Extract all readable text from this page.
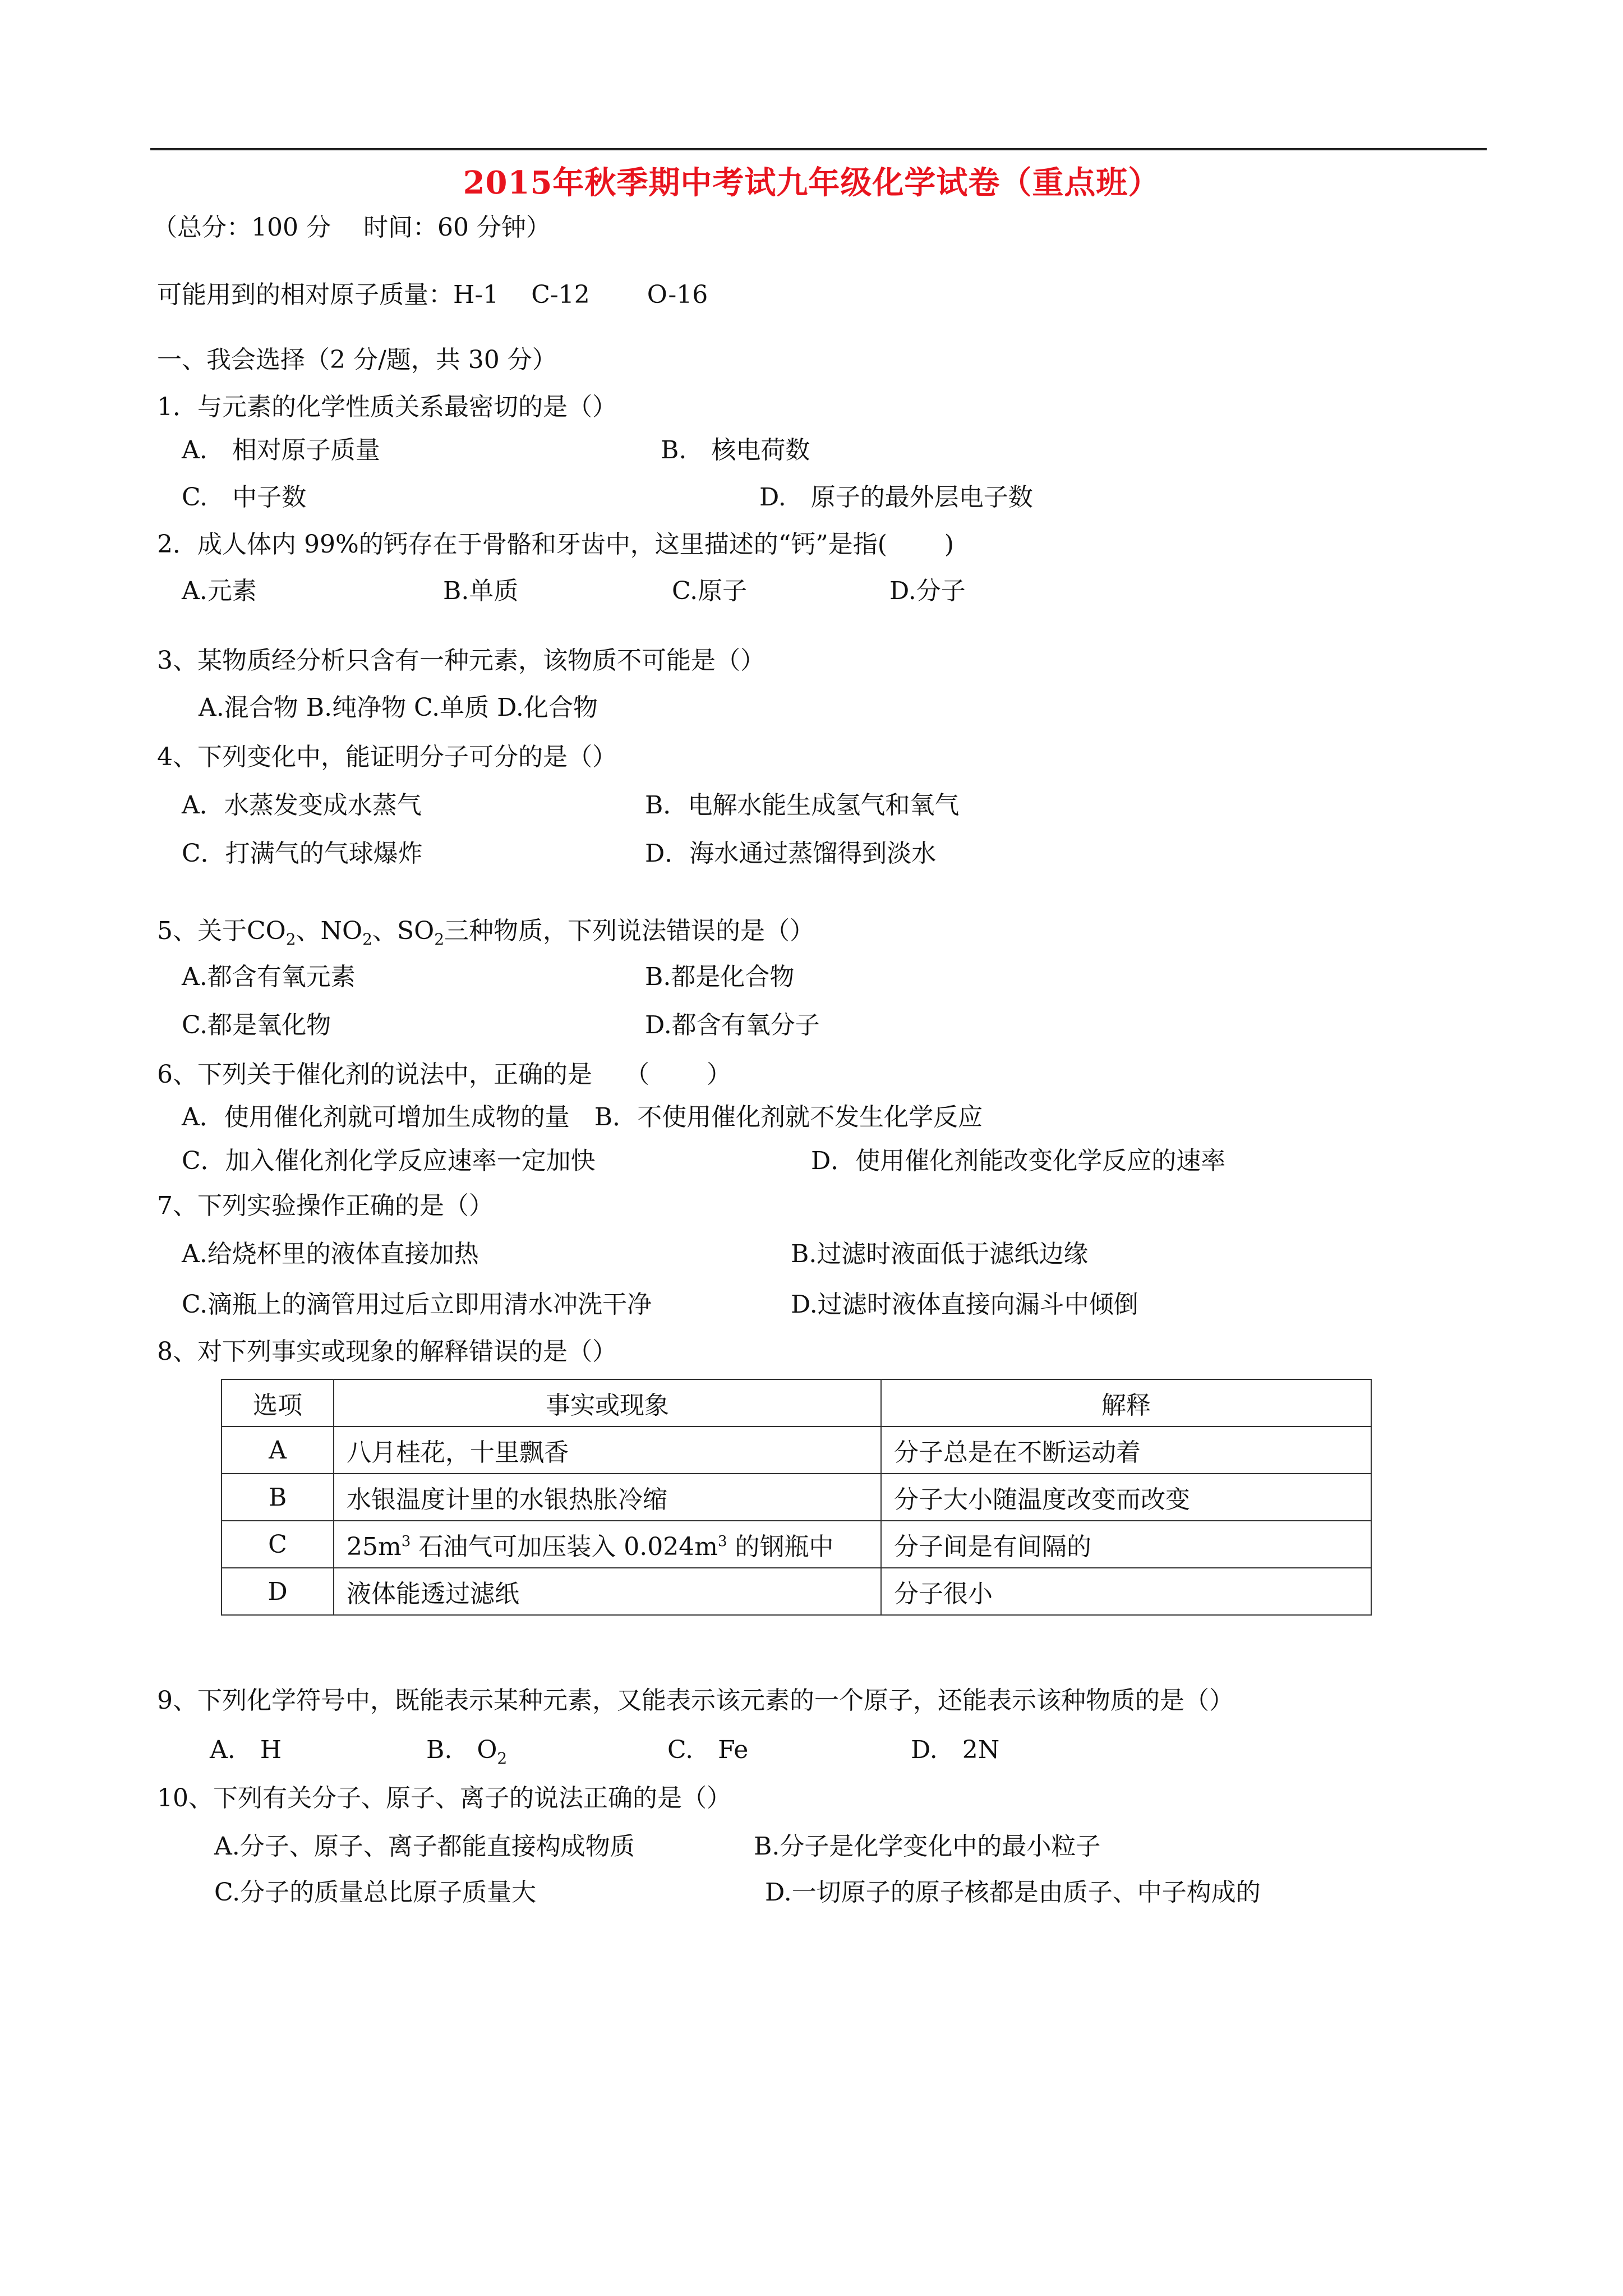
2015年秋季期中考试九年级化学试卷（重点班）
（总分：100 分　 时间：60 分钟）
可能用到的相对原子质量：H-1　 C-12　　 O-16
一、我会选择（2 分/题，共 30 分）
1．与元素的化学性质关系最密切的是（）
A.　相对原子质量	B.　核电荷数
C.　中子数	D.　原子的最外层电子数
2．成人体内 99%的钙存在于骨骼和牙齿中，这里描述的“钙”是指(　　 )
A.元素	B.单质	C.原子	D.分子
3、某物质经分析只含有一种元素，该物质不可能是（）
A.混合物 B.纯净物 C.单质 D.化合物
4、下列变化中，能证明分子可分的是（）
A．水蒸发变成水蒸气	B．电解水能生成氢气和氧气
C．打满气的气球爆炸	D．海水通过蒸馏得到淡水
5、关于$CO_2$、$NO_2$、$SO_2$三种物质，下列说法错误的是（）
A.都含有氧元素	B.都是化合物
C.都是氧化物	D.都含有氧分子
6、下列关于催化剂的说法中，正确的是　 （　　 ）
A．使用催化剂就可增加生成物的量　B．不使用催化剂就不发生化学反应
C．加入催化剂化学反应速率一定加快	D．使用催化剂能改变化学反应的速率
7、下列实验操作正确的是（）
A.给烧杯里的液体直接加热	B.过滤时液面低于滤纸边缘
C.滴瓶上的滴管用过后立即用清水冲洗干净	D.过滤时液体直接向漏斗中倾倒
8、对下列事实或现象的解释错误的是（）
选项	事实或现象	解释
A	八月桂花，十里飘香	分子总是在不断运动着
B	水银温度计里的水银热胀冷缩	分子大小随温度改变而改变
C	$25m^3$ 石油气可加压装入 $0.024m^3$ 的钢瓶中	分子间是有间隔的
D	液体能透过滤纸	分子很小
9、下列化学符号中，既能表示某种元素，又能表示该元素的一个原子，还能表示该种物质的是（）
A.　H	B.　$O_2$	C.　Fe	D.　2N
10、下列有关分子、原子、离子的说法正确的是（）
A.分子、原子、离子都能直接构成物质	B.分子是化学变化中的最小粒子
C.分子的质量总比原子质量大	D.一切原子的原子核都是由质子、中子构成的
